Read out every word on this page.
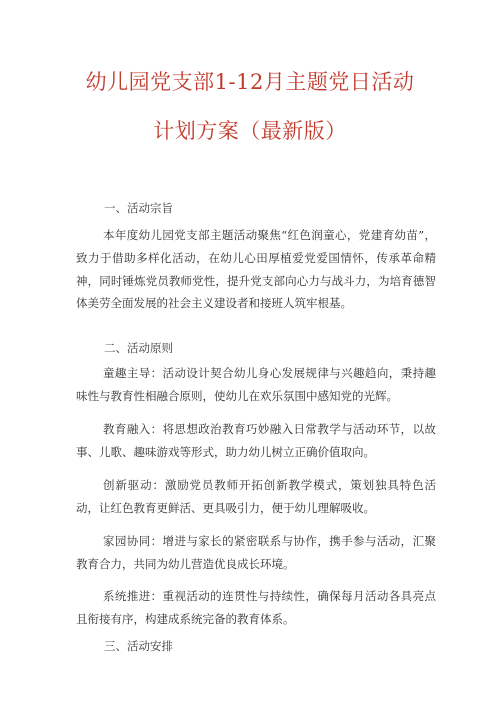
幼儿园党支部1-12月主题党日活动
计划方案（最新版）
一、活动宗旨
本年度幼儿园党支部主题活动聚焦“红色润童心，党建育幼苗”，致力于借助多样化活动，在幼儿心田厚植爱党爱国情怀，传承革命精神，同时锤炼党员教师党性，提升党支部向心力与战斗力，为培育德智体美劳全面发展的社会主义建设者和接班人筑牢根基。
二、活动原则
童趣主导：活动设计契合幼儿身心发展规律与兴趣趋向，秉持趣味性与教育性相融合原则，使幼儿在欢乐氛围中感知党的光辉。
教育融入：将思想政治教育巧妙融入日常教学与活动环节，以故事、儿歌、趣味游戏等形式，助力幼儿树立正确价值取向。
创新驱动：激励党员教师开拓创新教学模式，策划独具特色活动，让红色教育更鲜活、更具吸引力，便于幼儿理解吸收。
家园协同：增进与家长的紧密联系与协作，携手参与活动，汇聚教育合力，共同为幼儿营造优良成长环境。
系统推进：重视活动的连贯性与持续性，确保每月活动各具亮点且衔接有序，构建成系统完备的教育体系。
三、活动安排
